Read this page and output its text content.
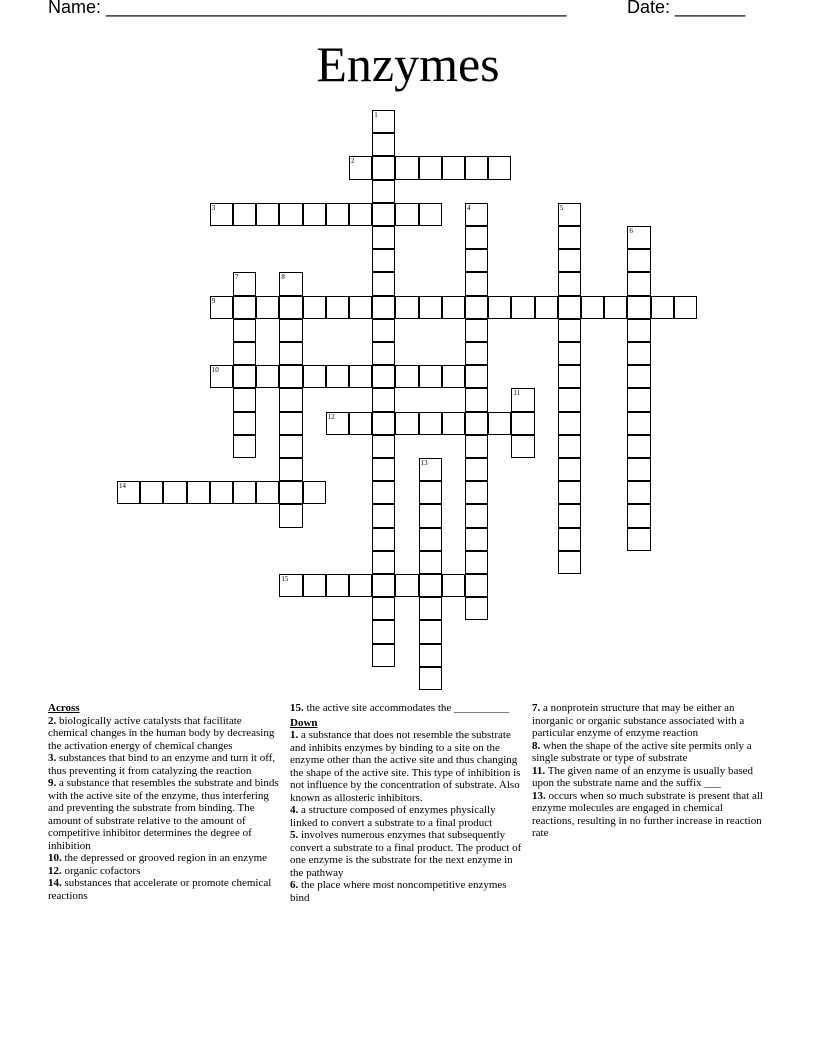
Name: ______________________________________________	Date: _______
Enzymes
1
2
3	4	5
6
7	8
9
10
11
12
13
14
15
Across
2. biologically active catalysts that facilitate chemical changes in the human body by decreasing the activation energy of chemical changes
3. substances that bind to an enzyme and turn it off, thus preventing it from catalyzing the reaction
9. a substance that resembles the substrate and binds with the active site of the enzyme, thus interfering and preventing the substrate from binding. The amount of substrate relative to the amount of competitive inhibitor determines the degree of inhibition
10. the depressed or grooved region in an enzyme
12. organic cofactors
14. substances that accelerate or promote chemical reactions
15. the active site accommodates the __________
Down
1. a substance that does not resemble the substrate and inhibits enzymes by binding to a site on the enzyme other than the active site and thus changing the shape of the active site. This type of inhibition is not influence by the concentration of substrate. Also known as allosteric inhibitors.
4. a structure composed of enzymes physically linked to convert a substrate to a final product
5. involves numerous enzymes that subsequently convert a substrate to a final product. The product of one enzyme is the substrate for the next enzyme in the pathway
6. the place where most noncompetitive enzymes bind
7. a nonprotein structure that may be either an inorganic or organic substance associated with a particular enzyme of enzyme reaction
8. when the shape of the active site permits only a single substrate or type of substrate
11. The given name of an enzyme is usually based upon the substrate name and the suffix ___
13. occurs when so much substrate is present that all enzyme molecules are engaged in chemical reactions, resulting in no further increase in reaction rate
